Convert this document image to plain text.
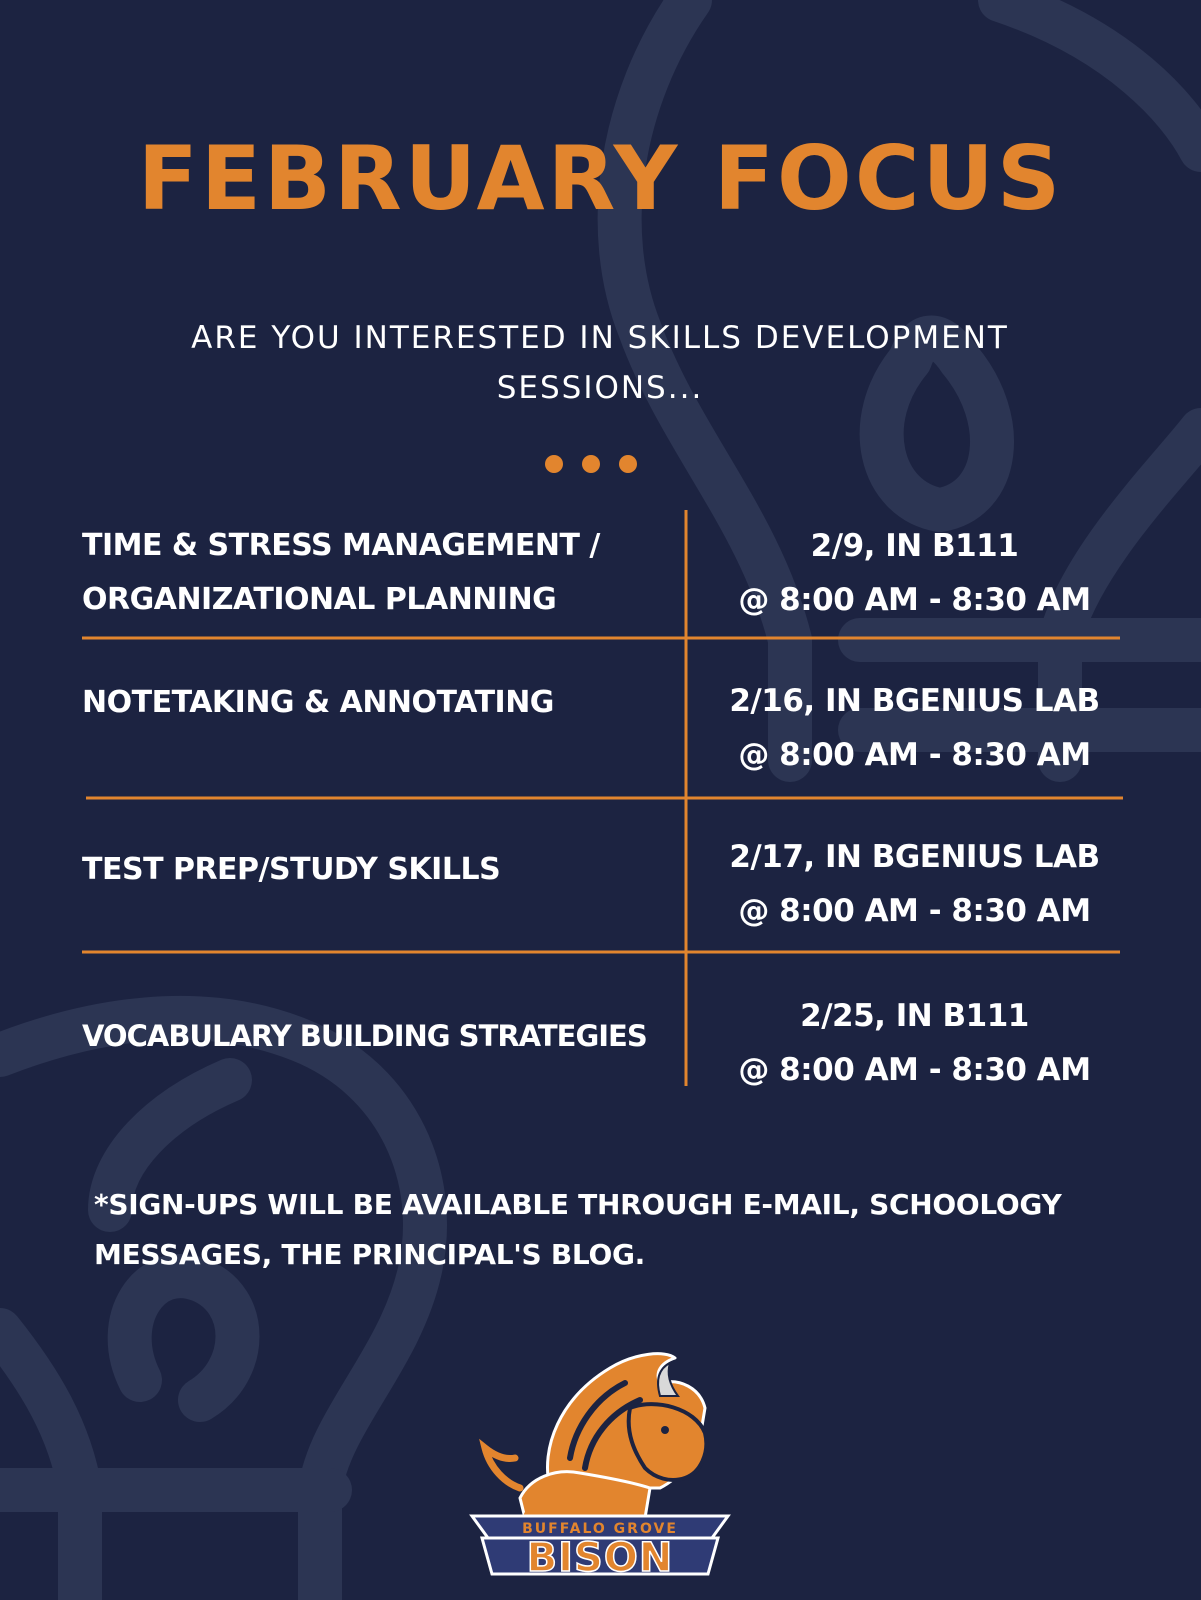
FEBRUARY FOCUS

ARE YOU INTERESTED IN SKILLS DEVELOPMENT SESSIONS...

TIME & STRESS MANAGEMENT /
ORGANIZATIONAL PLANNING
2/9, IN B111
@ 8:00 AM - 8:30 AM
NOTETAKING & ANNOTATING	2/16, IN BGENIUS LAB
@ 8:00 AM - 8:30 AM
TEST PREP/STUDY SKILLS	2/17, IN BGENIUS LAB
@ 8:00 AM - 8:30 AM
VOCABULARY BUILDING STRATEGIES
2/25, IN B111
@ 8:00 AM - 8:30 AM

*SIGN-UPS WILL BE AVAILABLE THROUGH E-MAIL, SCHOOLOGY
MESSAGES, THE PRINCIPAL'S BLOG.

BUFFALO GROVE
BISON
